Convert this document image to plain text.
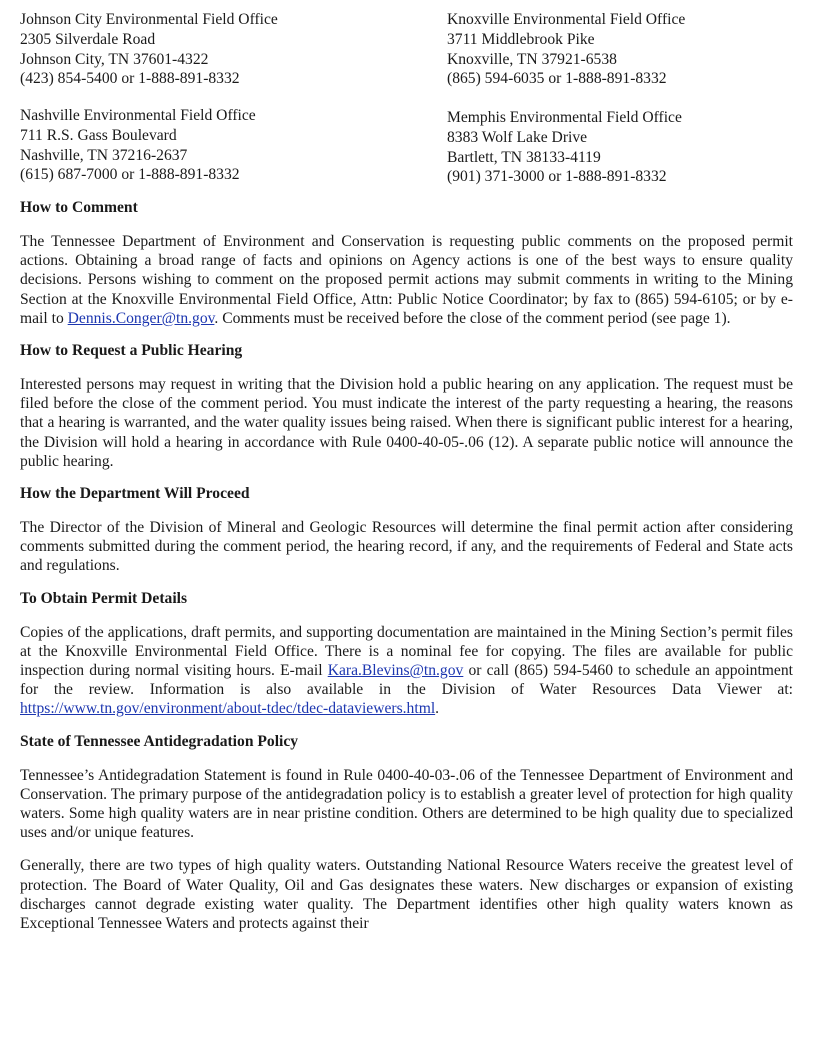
Johnson City Environmental Field Office
2305 Silverdale Road
Johnson City, TN 37601-4322
(423) 854-5400 or 1-888-891-8332
Knoxville Environmental Field Office
3711 Middlebrook Pike
Knoxville, TN 37921-6538
(865) 594-6035 or 1-888-891-8332
Nashville Environmental Field Office
711 R.S. Gass Boulevard
Nashville, TN 37216-2637
(615) 687-7000 or 1-888-891-8332
Memphis Environmental Field Office
8383 Wolf Lake Drive
Bartlett, TN 38133-4119
(901) 371-3000 or 1-888-891-8332
How to Comment

The Tennessee Department of Environment and Conservation is requesting public comments on the proposed permit actions. Obtaining a broad range of facts and opinions on Agency actions is one of the best ways to ensure quality decisions. Persons wishing to comment on the proposed permit actions may submit comments in writing to the Mining Section at the Knoxville Environmental Field Office, Attn: Public Notice Coordinator; by fax to (865) 594-6105; or by e-mail to Dennis.Conger@tn.gov. Comments must be received before the close of the comment period (see page 1).

How to Request a Public Hearing

Interested persons may request in writing that the Division hold a public hearing on any application. The request must be filed before the close of the comment period. You must indicate the interest of the party requesting a hearing, the reasons that a hearing is warranted, and the water quality issues being raised. When there is significant public interest for a hearing, the Division will hold a hearing in accordance with Rule 0400-40-05-.06 (12). A separate public notice will announce the public hearing.

How the Department Will Proceed

The Director of the Division of Mineral and Geologic Resources will determine the final permit action after considering comments submitted during the comment period, the hearing record, if any, and the requirements of Federal and State acts and regulations.

To Obtain Permit Details

Copies of the applications, draft permits, and supporting documentation are maintained in the Mining Section’s permit files at the Knoxville Environmental Field Office. There is a nominal fee for copying. The files are available for public inspection during normal visiting hours. E-mail Kara.Blevins@tn.gov or call (865) 594-5460 to schedule an appointment for the review. Information is also available in the Division of Water Resources Data Viewer at: https://www.tn.gov/environment/about-tdec/tdec-dataviewers.html.

State of Tennessee Antidegradation Policy

Tennessee’s Antidegradation Statement is found in Rule 0400-40-03-.06 of the Tennessee Department of Environment and Conservation. The primary purpose of the antidegradation policy is to establish a greater level of protection for high quality waters. Some high quality waters are in near pristine condition. Others are determined to be high quality due to specialized uses and/or unique features.

Generally, there are two types of high quality waters. Outstanding National Resource Waters receive the greatest level of protection. The Board of Water Quality, Oil and Gas designates these waters. New discharges or expansion of existing discharges cannot degrade existing water quality. The Department identifies other high quality waters known as Exceptional Tennessee Waters and protects against their
